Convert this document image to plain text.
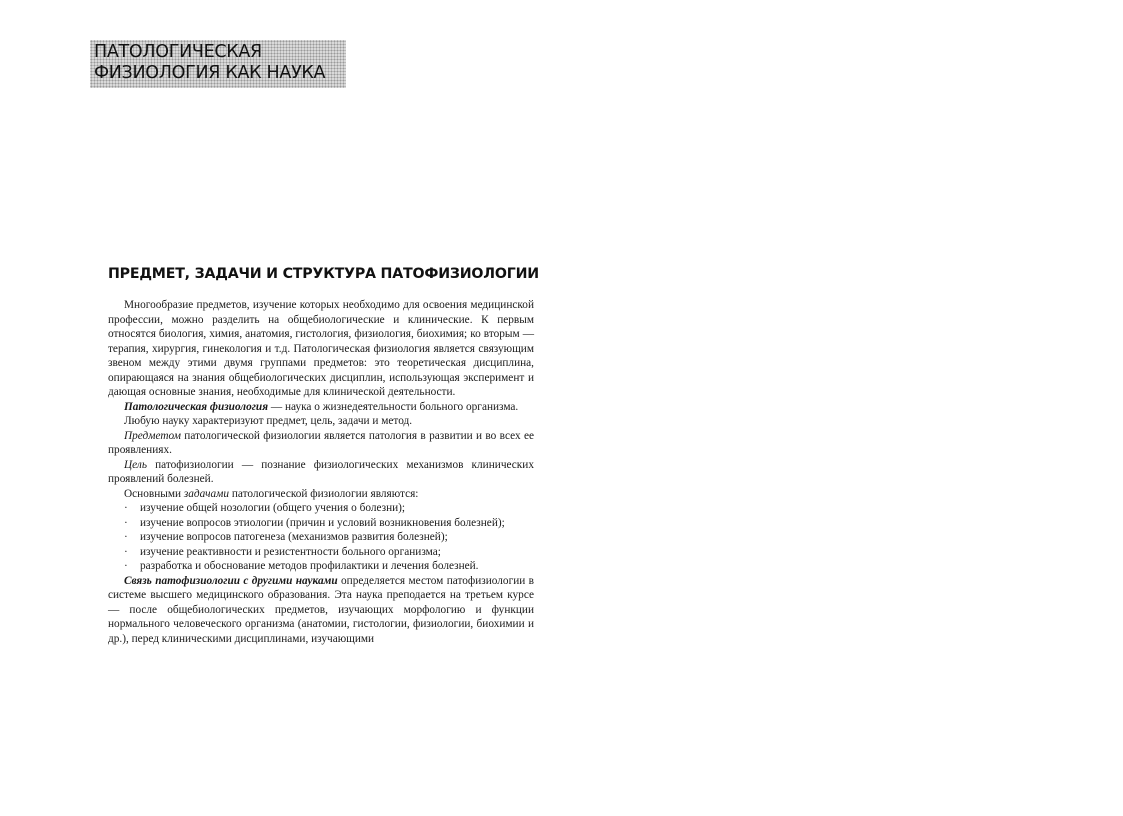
ПАТОЛОГИЧЕСКАЯ
ФИЗИОЛОГИЯ КАК НАУКА
ПРЕДМЕТ, ЗАДАЧИ И СТРУКТУРА ПАТОФИЗИОЛОГИИ

Многообразие предметов, изучение которых необходимо для освоения медицинской профессии, можно разделить на общебиологические и клинические. К первым относятся биология, химия, анатомия, гистология, физиология, биохимия; ко вторым — терапия, хирургия, гинекология и т.д. Патологическая физиология является связующим звеном между этими двумя группами предметов: это теоретическая дисциплина, опирающаяся на знания общебиологических дисциплин, использующая эксперимент и дающая основные знания, необходимые для клинической деятельности.

Патологическая физиология — наука о жизнедеятельности больного организма.

Любую науку характеризуют предмет, цель, задачи и метод.

Предметом патологической физиологии является патология в развитии и во всех ее проявлениях.

Цель патофизиологии — познание физиологических механизмов клинических проявлений болезней.

Основными задачами патологической физиологии являются:

· изучение общей нозологии (общего учения о болезни);
· изучение вопросов этиологии (причин и условий возникновения болезней);
· изучение вопросов патогенеза (механизмов развития болезней);
· изучение реактивности и резистентности больного организма;
· разработка и обоснование методов профилактики и лечения болезней.

Связь патофизиологии с другими науками определяется местом патофизиологии в системе высшего медицинского образования. Эта наука преподается на третьем курсе — после общебиологических предметов, изучающих морфологию и функции нормального человеческого организма (анатомии, гистологии, физиологии, биохимии и др.), перед клиническими дисциплинами, изучающими
